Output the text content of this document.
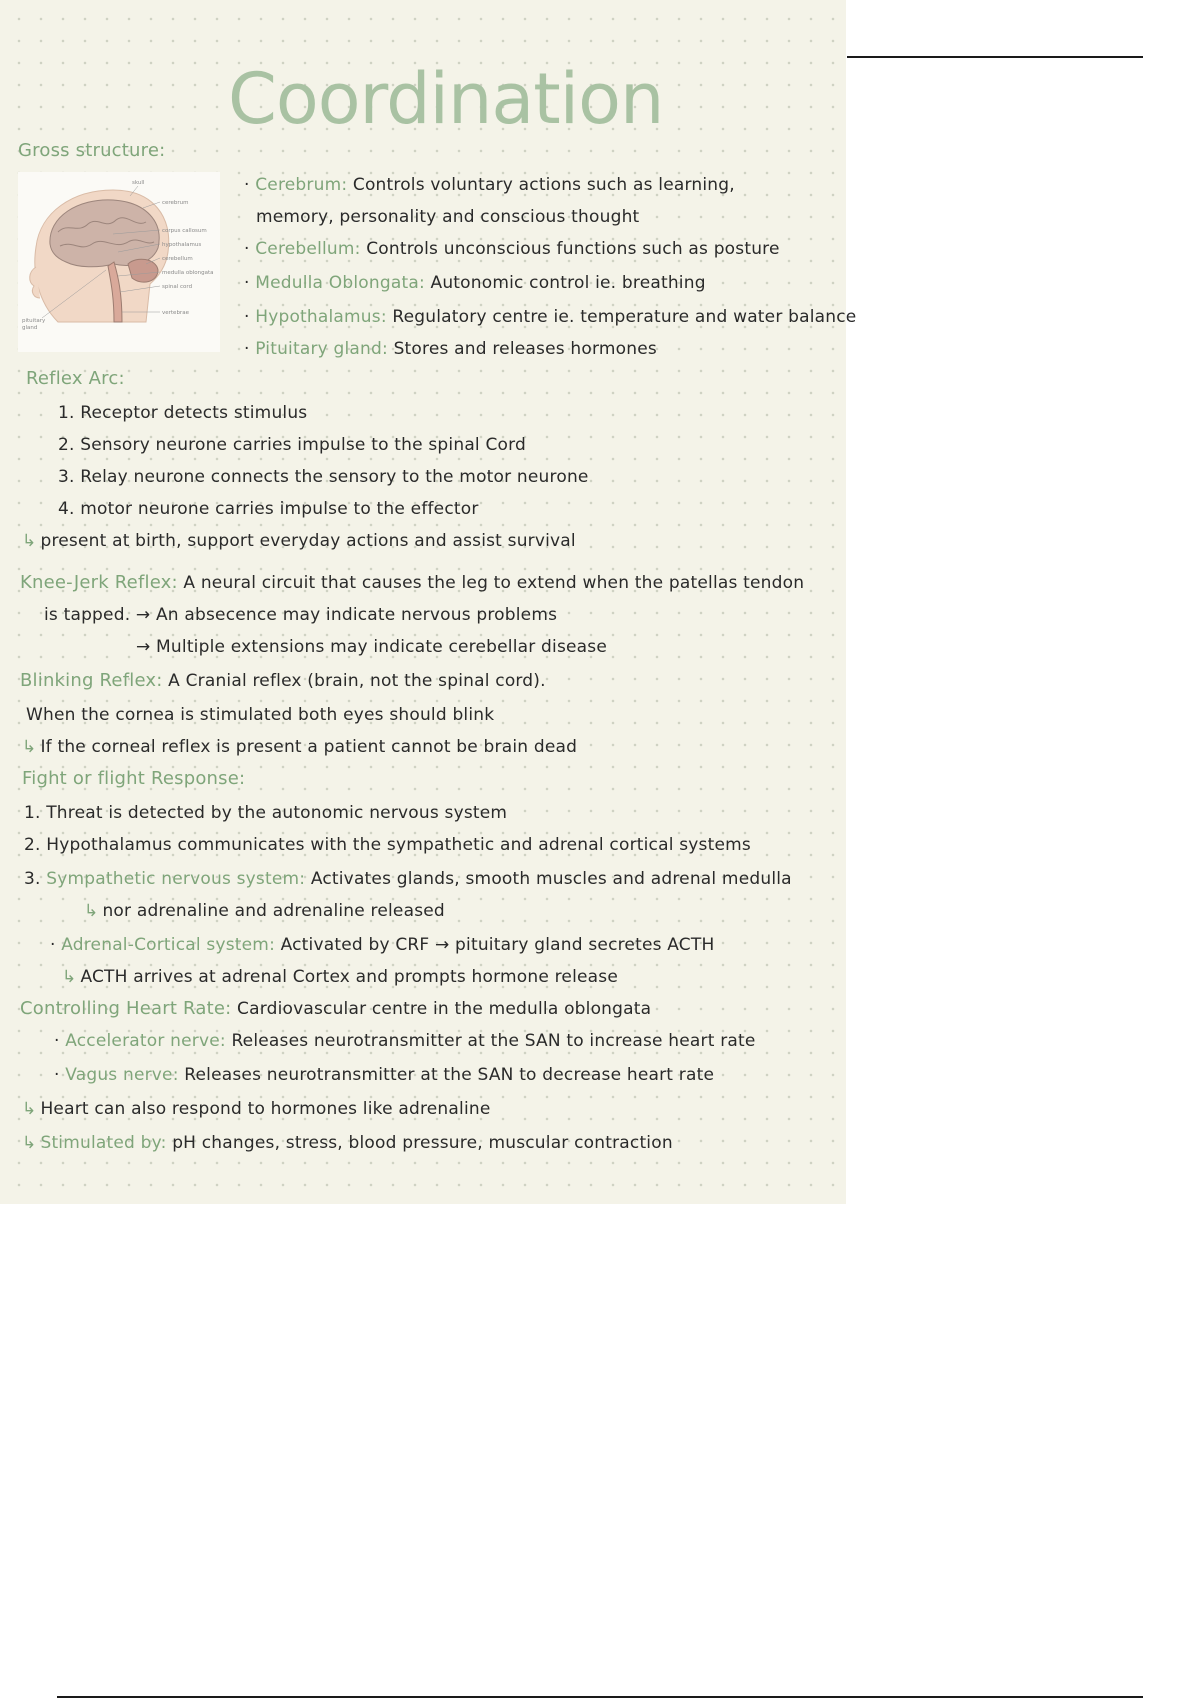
Coordination

Gross structure:

skull
cerebrum
corpus callosum
hypothalamus
cerebellum
medulla oblongata
spinal cord
vertebrae
pituitary
gland

· Cerebrum: Controls voluntary actions such as learning,

memory, personality and conscious thought

· Cerebellum: Controls unconscious functions such as posture

· Medulla Oblongata: Autonomic control ie. breathing

· Hypothalamus: Regulatory centre ie. temperature and water balance

· Pituitary gland: Stores and releases hormones

Reflex Arc:

1. Receptor detects stimulus

2. Sensory neurone carries impulse to the spinal Cord

3. Relay neurone connects the sensory to the motor neurone

4. motor neurone carries impulse to the effector

↳ present at birth, support everyday actions and assist survival

Knee-Jerk Reflex: A neural circuit that causes the leg to extend when the patellas tendon

is tapped. → An absecence may indicate nervous problems

→ Multiple extensions may indicate cerebellar disease

Blinking Reflex: A Cranial reflex (brain, not the spinal cord).

When the cornea is stimulated both eyes should blink

↳ If the corneal reflex is present a patient cannot be brain dead

Fight or flight Response:

1. Threat is detected by the autonomic nervous system

2. Hypothalamus communicates with the sympathetic and adrenal cortical systems

3. Sympathetic nervous system: Activates glands, smooth muscles and adrenal medulla

↳ nor adrenaline and adrenaline released

· Adrenal-Cortical system: Activated by CRF → pituitary gland secretes ACTH

↳ ACTH arrives at adrenal Cortex and prompts hormone release

Controlling Heart Rate: Cardiovascular centre in the medulla oblongata

· Accelerator nerve: Releases neurotransmitter at the SAN to increase heart rate

· Vagus nerve: Releases neurotransmitter at the SAN to decrease heart rate

↳ Heart can also respond to hormones like adrenaline

↳ Stimulated by: pH changes, stress, blood pressure, muscular contraction
